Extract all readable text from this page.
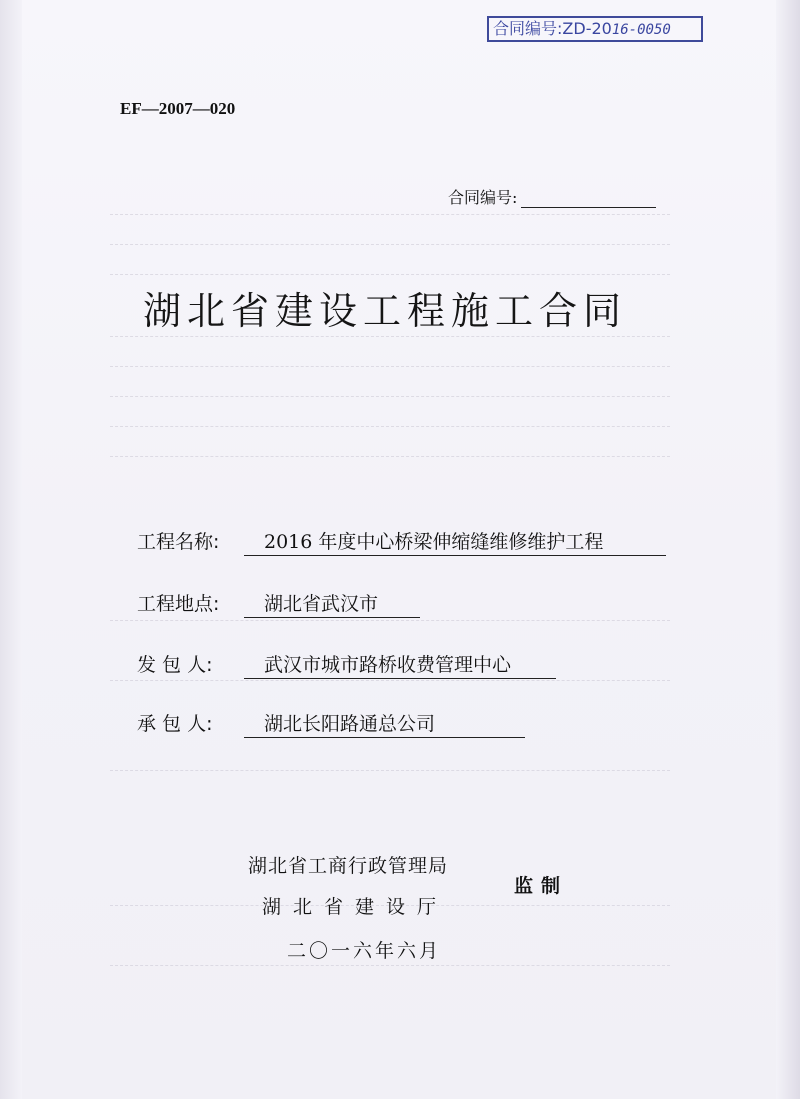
合同编号:ZD-2016-0050
EF—2007—020
合同编号:
湖北省建设工程施工合同
工程名称: 2016 年度中心桥梁伸缩缝维修维护工程
工程地点: 湖北省武汉市
发 包 人:	武汉市城市路桥收费管理中心
承 包 人:	湖北长阳路通总公司
湖北省工商行政管理局
湖北省建设厅
监制
二〇一六年六月
